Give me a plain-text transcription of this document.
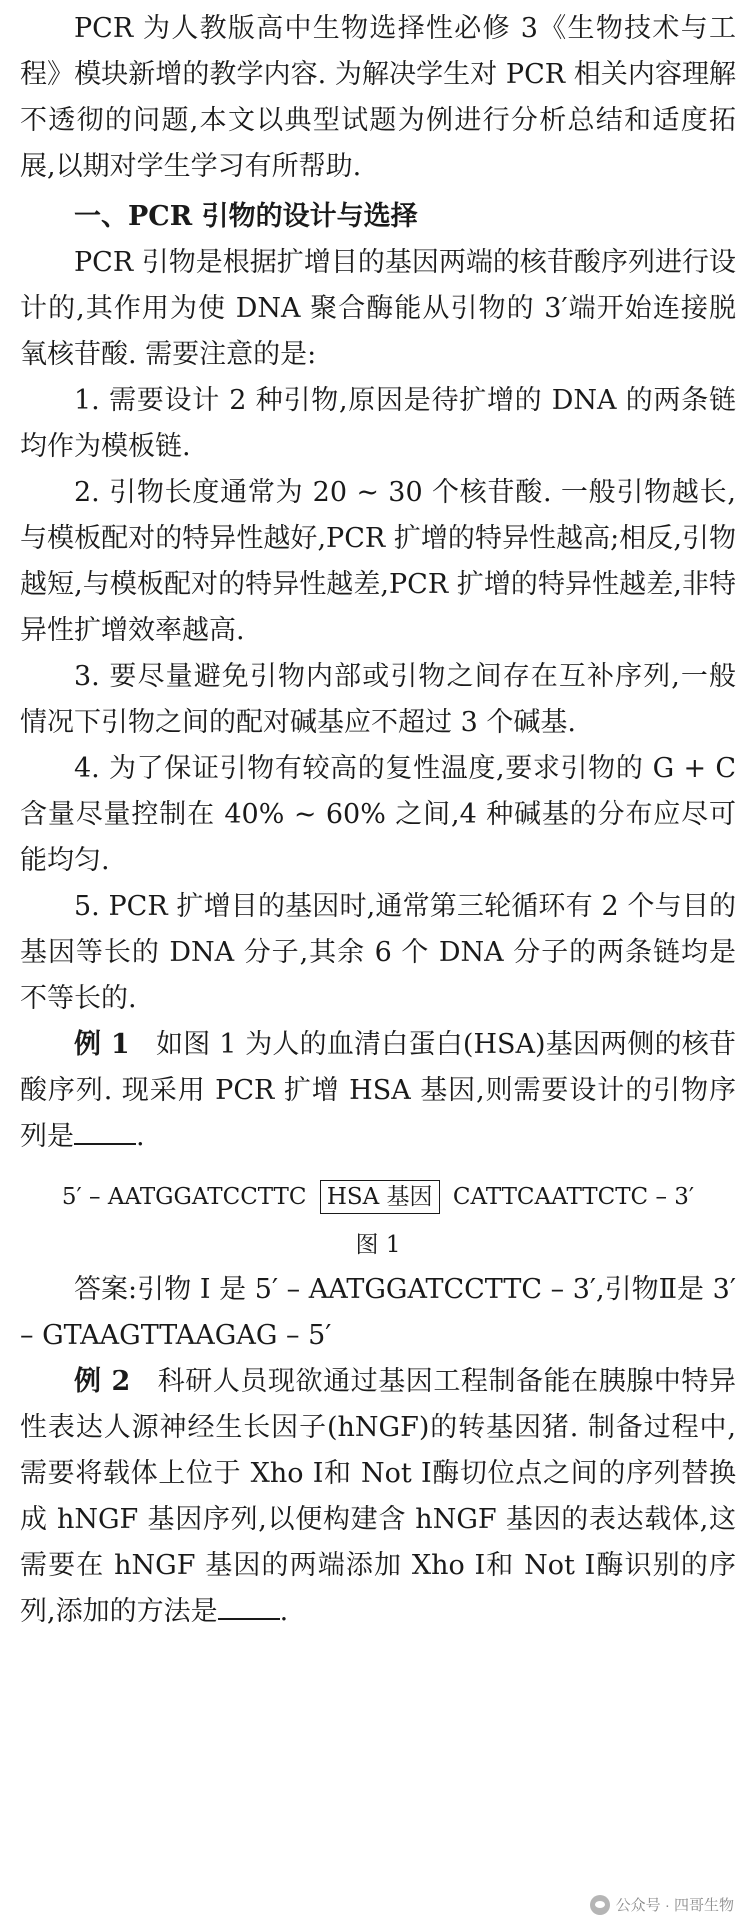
PCR 为人教版高中生物选择性必修 3《生物技术与工程》模块新增的教学内容. 为解决学生对 PCR 相关内容理解不透彻的问题,本文以典型试题为例进行分析总结和适度拓展,以期对学生学习有所帮助.

一、PCR 引物的设计与选择

PCR 引物是根据扩增目的基因两端的核苷酸序列进行设计的,其作用为使 DNA 聚合酶能从引物的 3′端开始连接脱氧核苷酸. 需要注意的是:

1. 需要设计 2 种引物,原因是待扩增的 DNA 的两条链均作为模板链.

2. 引物长度通常为 20 ~ 30 个核苷酸. 一般引物越长,与模板配对的特异性越好,PCR 扩增的特异性越高;相反,引物越短,与模板配对的特异性越差,PCR 扩增的特异性越差,非特异性扩增效率越高.

3. 要尽量避免引物内部或引物之间存在互补序列,一般情况下引物之间的配对碱基应不超过 3 个碱基.

4. 为了保证引物有较高的复性温度,要求引物的 G + C 含量尽量控制在 40% ~ 60% 之间,4 种碱基的分布应尽可能均匀.

5. PCR 扩增目的基因时,通常第三轮循环有 2 个与目的基因等长的 DNA 分子,其余 6 个 DNA 分子的两条链均是不等长的.

例 1 如图 1 为人的血清白蛋白(HSA)基因两侧的核苷酸序列. 现采用 PCR 扩增 HSA 基因,则需要设计的引物序列是 .

5′ – AATGGATCCTTC HSA 基因 CATTCAATTCTC – 3′
图 1

答案:引物 Ⅰ 是 5′ – AATGGATCCTTC – 3′,引物Ⅱ是 3′ – GTAAGTTAAGAG – 5′

例 2 科研人员现欲通过基因工程制备能在胰腺中特异性表达人源神经生长因子(hNGF)的转基因猪. 制备过程中,需要将载体上位于 Xho Ⅰ和 Not Ⅰ酶切位点之间的序列替换成 hNGF 基因序列,以便构建含 hNGF 基因的表达载体,这需要在 hNGF 基因的两端添加 Xho Ⅰ和 Not Ⅰ酶识别的序列,添加的方法是 .

公众号 · 四哥生物
